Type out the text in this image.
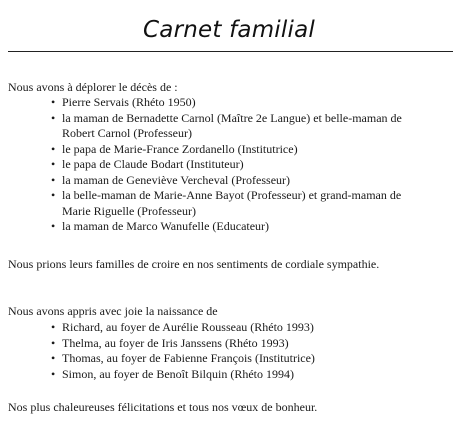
Carnet familial
Nous avons à déplorer le décès de :
• Pierre Servais (Rhéto 1950)
• la maman de Bernadette Carnol (Maître 2e Langue) et belle-maman de
Robert Carnol (Professeur)
• le papa de Marie-France Zordanello (Institutrice)
• le papa de Claude Bodart (Instituteur)
• la maman de Geneviève Vercheval (Professeur)
• la belle-maman de Marie-Anne Bayot (Professeur) et grand-maman de
Marie Riguelle (Professeur)
• la maman de Marco Wanufelle (Educateur)
Nous prions leurs familles de croire en nos sentiments de cordiale sympathie.
Nous avons appris avec joie la naissance de
• Richard, au foyer de Aurélie Rousseau (Rhéto 1993)
• Thelma, au foyer de Iris Janssens (Rhéto 1993)
• Thomas, au foyer de Fabienne François (Institutrice)
• Simon, au foyer de Benoît Bilquin (Rhéto 1994)
Nos plus chaleureuses félicitations et tous nos vœux de bonheur.
